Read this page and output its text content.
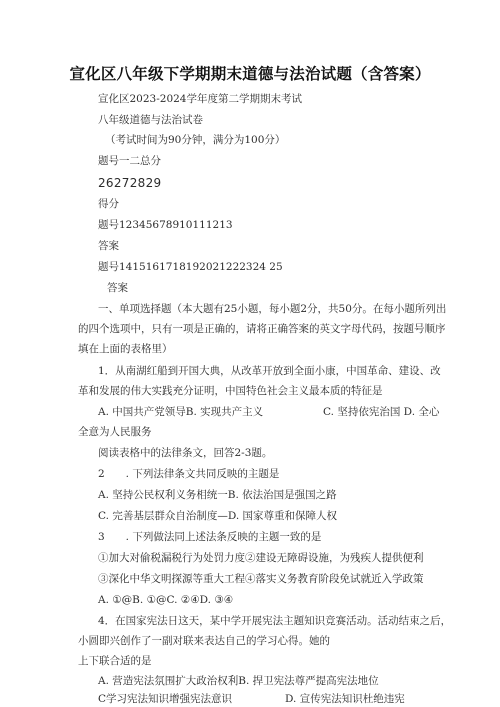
宣化区八年级下学期期末道德与法治试题（含答案）
宣化区2023-2024学年度第二学期期末考试
八年级道德与法治试卷
（考试时间为90分钟，满分为100分）
题号一二总分
26272829
得分
题号12345678910111213
答案
题号1415161718192021222324 25
答案
一、单项选择题（本大题有25小题，每小题2分，共50分。在每小题所列出
的四个选项中，只有一项是正确的，请将正确答案的英文字母代码，按题号顺序
填在上面的表格里）
1．从南湖红船到开国大典，从改革开放到全面小康，中国革命、建设、改
革和发展的伟大实践充分证明，中国特色社会主义最本质的特征是
A. 中国共产党领导B. 实现共产主义	C. 坚持依宪治国 D. 全心
全意为人民服务
阅读表格中的法律条文，回答2-3题。
2　　. 下列法律条文共同反映的主题是
A. 坚持公民权利义务相统一B. 依法治国是强国之路
C. 完善基层群众自治制度—D. 国家尊重和保障人权
3　　. 下列做法同上述法条反映的主题一致的是
①加大对偷税漏税行为处罚力度②建设无障碍设施，为残疾人提供便利
③深化中华文明探源等重大工程④落实义务教育阶段免试就近入学政策
A. ①@B. ①@C. ②④D. ③④
4．在国家宪法日这天，某中学开展宪法主题知识竞赛活动。活动结束之后，
小圆即兴创作了一副对联来表达自己的学习心得。她的
上下联合适的是
A. 营造宪法氛围扩大政治权利B. 捍卫宪法尊严提高宪法地位
C学习宪法知识增强宪法意识	D. 宣传宪法知识杜绝违宪
